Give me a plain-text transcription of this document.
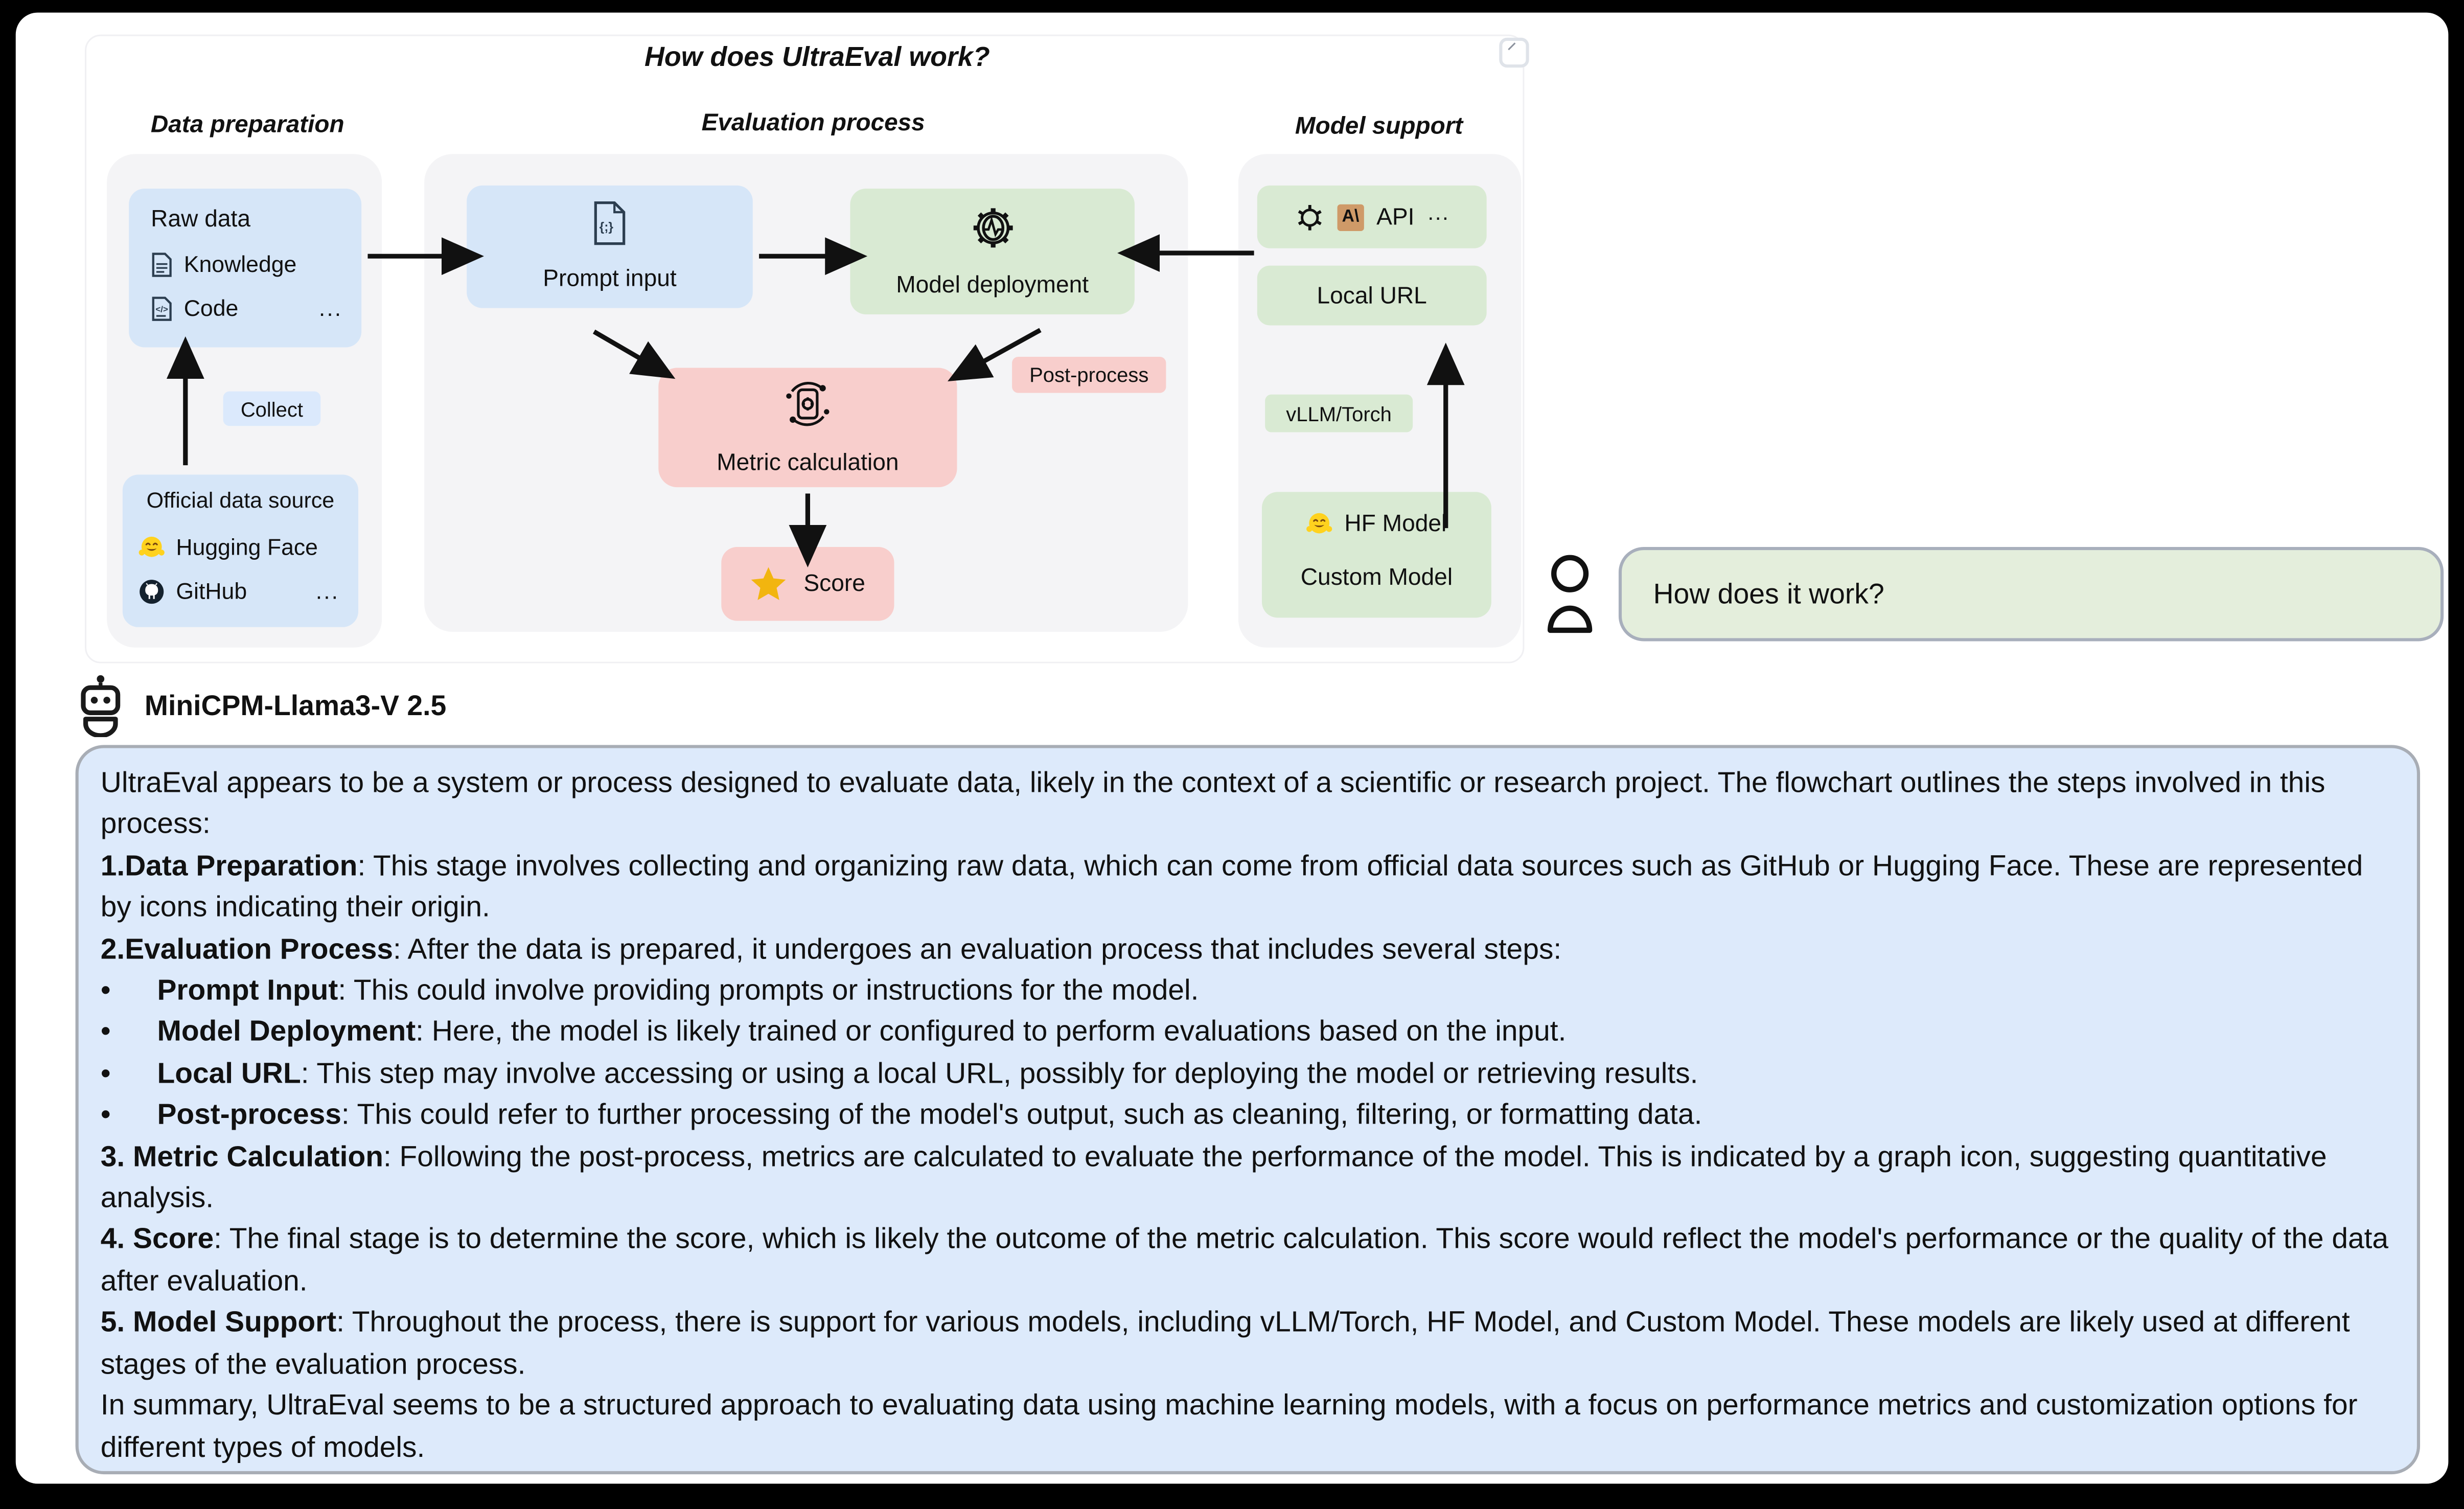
How does UltraEval work?
Data preparation	Evaluation process	Model support
Raw data
Knowledge
</> Code	...
Collect
Official data source
Hugging Face
GitHub	...
{;}
Prompt input	Model deployment
Post-process
Metric calculation
Score
A\	API ···
Local URL
vLLM/Torch
HF Model
Custom Model	How does it work?
MiniCPM-Llama3-V 2.5
UltraEval appears to be a system or process designed to evaluate data, likely in the context of a scientific or research project. The flowchart outlines the steps involved in this process:
1.Data Preparation: This stage involves collecting and organizing raw data, which can come from official data sources such as GitHub or Hugging Face. These are represented by icons indicating their origin.
2.Evaluation Process: After the data is prepared, it undergoes an evaluation process that includes several steps:
•	Prompt Input: This could involve providing prompts or instructions for the model.
•	Model Deployment: Here, the model is likely trained or configured to perform evaluations based on the input.
•	Local URL: This step may involve accessing or using a local URL, possibly for deploying the model or retrieving results.
•	Post-process: This could refer to further processing of the model's output, such as cleaning, filtering, or formatting data.
3. Metric Calculation: Following the post-process, metrics are calculated to evaluate the performance of the model. This is indicated by a graph icon, suggesting quantitative analysis.
4. Score: The final stage is to determine the score, which is likely the outcome of the metric calculation. This score would reflect the model's performance or the quality of the data after evaluation.
5. Model Support: Throughout the process, there is support for various models, including vLLM/Torch, HF Model, and Custom Model. These models are likely used at different stages of the evaluation process.
In summary, UltraEval seems to be a structured approach to evaluating data using machine learning models, with a focus on performance metrics and customization options for different types of models.
